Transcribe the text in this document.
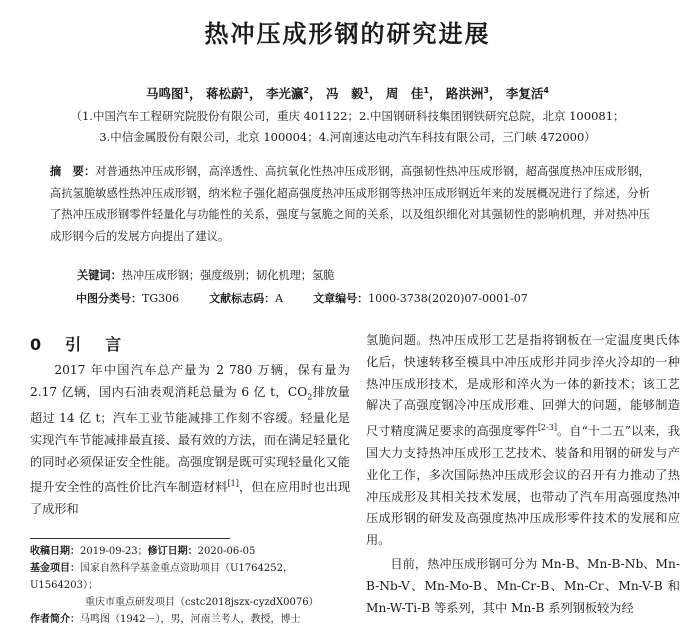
热冲压成形钢的研究进展
马鸣图$^1$， 蒋松蔚$^1$， 李光瀛$^2$， 冯　毅$^1$， 周　佳$^1$， 路洪洲$^3$， 李复活$^4$
（1.中国汽车工程研究院股份有限公司，重庆 401122；2.中国钢研科技集团钢铁研究总院，北京 100081；
3.中信金属股份有限公司，北京 100004；4.河南速达电动汽车科技有限公司，三门峡 472000）
摘　要：对普通热冲压成形钢，高淬透性、高抗氧化性热冲压成形钢，高强韧性热冲压成形钢，超高强度热冲压成形钢，高抗氢脆敏感性热冲压成形钢，纳米粒子强化超高强度热冲压成形钢等热冲压成形钢近年来的发展概况进行了综述，分析了热冲压成形钢零件轻量化与功能性的关系，强度与氢脆之间的关系，以及组织细化对其强韧性的影响机理，并对热冲压成形钢今后的发展方向提出了建议。
关键词：热冲压成形钢；强度级别；韧化机理；氢脆
中图分类号：TG306	文献标志码：A	文章编号：1000-3738(2020)07-0001-07
0　引　言

2017 年中国汽车总产量为 2 780 万辆，保有量为 2.17 亿辆，国内石油表观消耗总量为 6 亿 t，$CO_2$排放量超过 14 亿 t；汽车工业节能减排工作刻不容缓。轻量化是实现汽车节能减排最直接、最有效的方法，而在满足轻量化的同时必须保证安全性能。高强度钢是既可实现轻量化又能提升安全性的高性价比汽车制造材料[1]，但在应用时也出现了成形和

氢脆问题。热冲压成形工艺是指将钢板在一定温度奥氏体化后，快速转移至模具中冲压成形并同步淬火冷却的一种热冲压成形技术，是成形和淬火为一体的新技术；该工艺解决了高强度钢冷冲压成形难、回弹大的问题，能够制造尺寸精度满足要求的高强度零件[2-3]。自“十二五”以来，我国大力支持热冲压成形工艺技术、装备和用钢的研发与产业化工作，多次国际热冲压成形会议的召开有力推动了热冲压成形及其相关技术发展，也带动了汽车用高强度热冲压成形钢的研发及高强度热冲压成形零件技术的发展和应用。

目前，热冲压成形钢可分为 Mn-B、Mn-B-Nb、Mn-B-Nb-V、Mn-Mo-B、Mn-Cr-B、Mn-Cr、Mn-V-B 和 Mn-W-Ti-B 等系列，其中 Mn-B 系列钢板较为经

收稿日期：2019-09-23；修订日期：2020-06-05
基金项目：国家自然科学基金重点资助项目（U1764252，U1564203）；
重庆市重点研发项目（cstc2018jszx-cyzdX0076）
作者简介：马鸣图（1942－），男，河南兰考人，教授，博士
